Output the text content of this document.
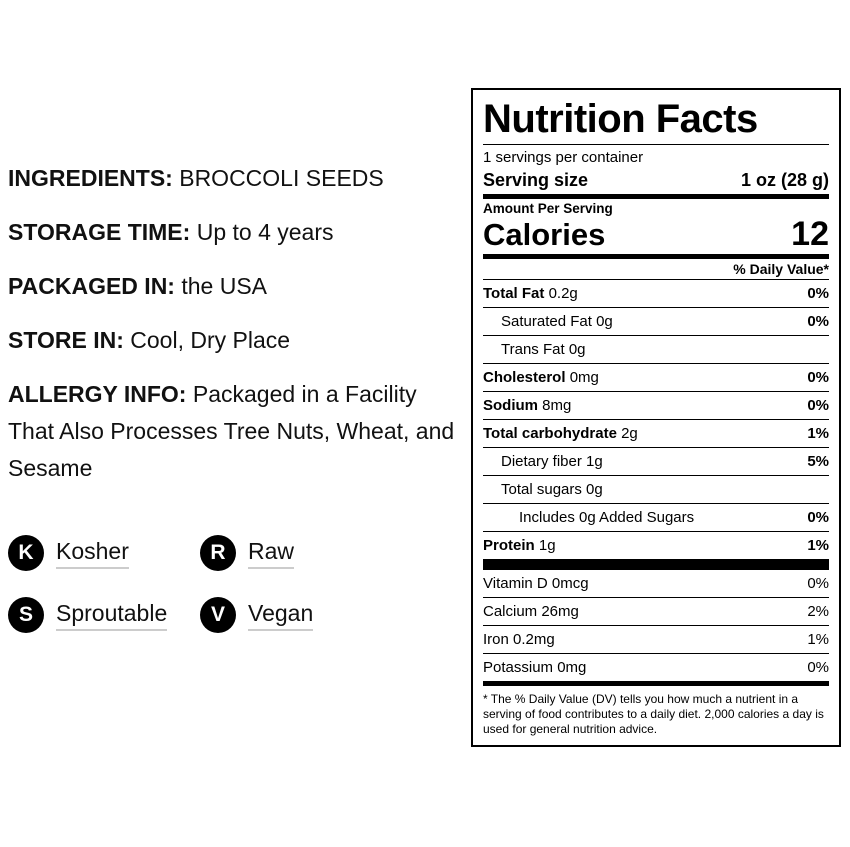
INGREDIENTS: BROCCOLI SEEDS
STORAGE TIME: Up to 4 years
PACKAGED IN: the USA
STORE IN: Cool, Dry Place
ALLERGY INFO: Packaged in a Facility That Also Processes Tree Nuts, Wheat, and Sesame
K Kosher	R Raw
S	Sproutable	V	Vegan
Nutrition Facts
1 servings per container
Serving size	1 oz (28 g)
Amount Per Serving
Calories	12
% Daily Value*
Total Fat 0.2g	0%
Saturated Fat 0g	0%
Trans Fat 0g
Cholesterol 0mg	0%
Sodium 8mg	0%
Total carbohydrate 2g	1%
Dietary fiber 1g	5%
Total sugars 0g
Includes 0g Added Sugars	0%
Protein 1g	1%
Vitamin D 0mcg	0%
Calcium 26mg	2%
Iron 0.2mg	1%
Potassium 0mg	0%
* The % Daily Value (DV) tells you how much a nutrient in a serving of food contributes to a daily diet. 2,000 calories a day is used for general nutrition advice.
